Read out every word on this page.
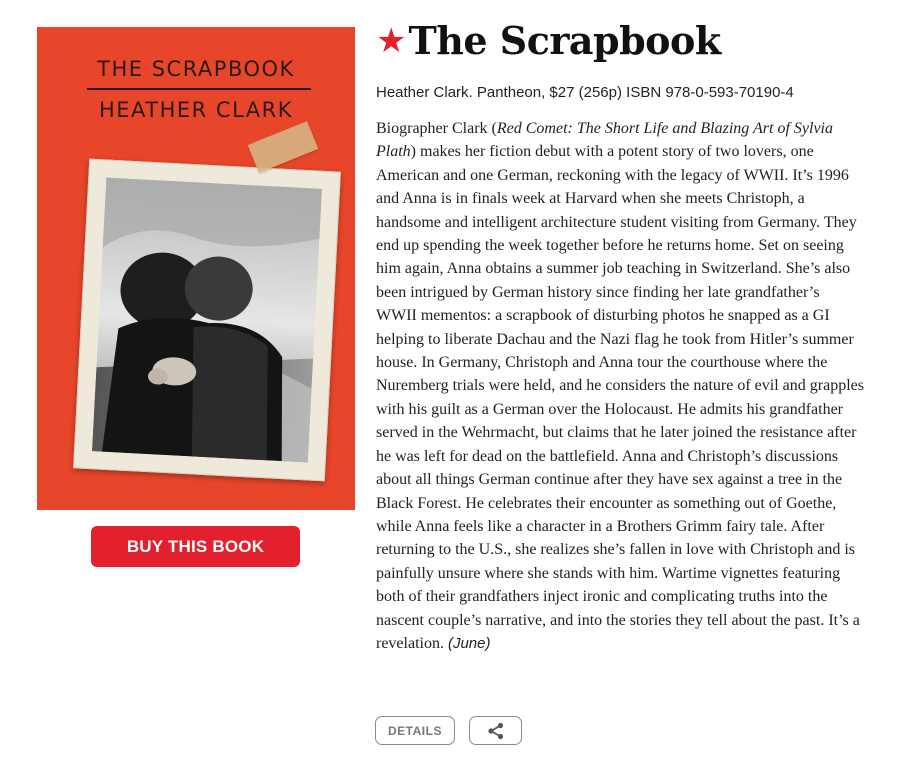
THE SCRAPBOOK
HEATHER CLARK
BUY THIS BOOK
★ The Scrapbook
Heather Clark. Pantheon, $27 (256p) ISBN 978-0-593-70190-4
Biographer Clark (Red Comet: The Short Life and Blazing Art of Sylvia Plath) makes her fiction debut with a potent story of two lovers, one American and one German, reckoning with the legacy of WWII. It’s 1996 and Anna is in finals week at Harvard when she meets Christoph, a handsome and intelligent architecture student visiting from Germany. They end up spending the week together before he returns home. Set on seeing him again, Anna obtains a summer job teaching in Switzerland. She’s also been intrigued by German history since finding her late grandfather’s WWII mementos: a scrapbook of disturbing photos he snapped as a GI helping to liberate Dachau and the Nazi flag he took from Hitler’s summer house. In Germany, Christoph and Anna tour the courthouse where the Nuremberg trials were held, and he considers the nature of evil and grapples with his guilt as a German over the Holocaust. He admits his grandfather served in the Wehrmacht, but claims that he later joined the resistance after he was left for dead on the battlefield. Anna and Christoph’s discussions about all things German continue after they have sex against a tree in the Black Forest. He celebrates their encounter as something out of Goethe, while Anna feels like a character in a Brothers Grimm fairy tale. After returning to the U.S., she realizes she’s fallen in love with Christoph and is painfully unsure where she stands with him. Wartime vignettes featuring both of their grandfathers inject ironic and complicating truths into the nascent couple’s narrative, and into the stories they tell about the past. It’s a revelation. (June)
DETAILS
